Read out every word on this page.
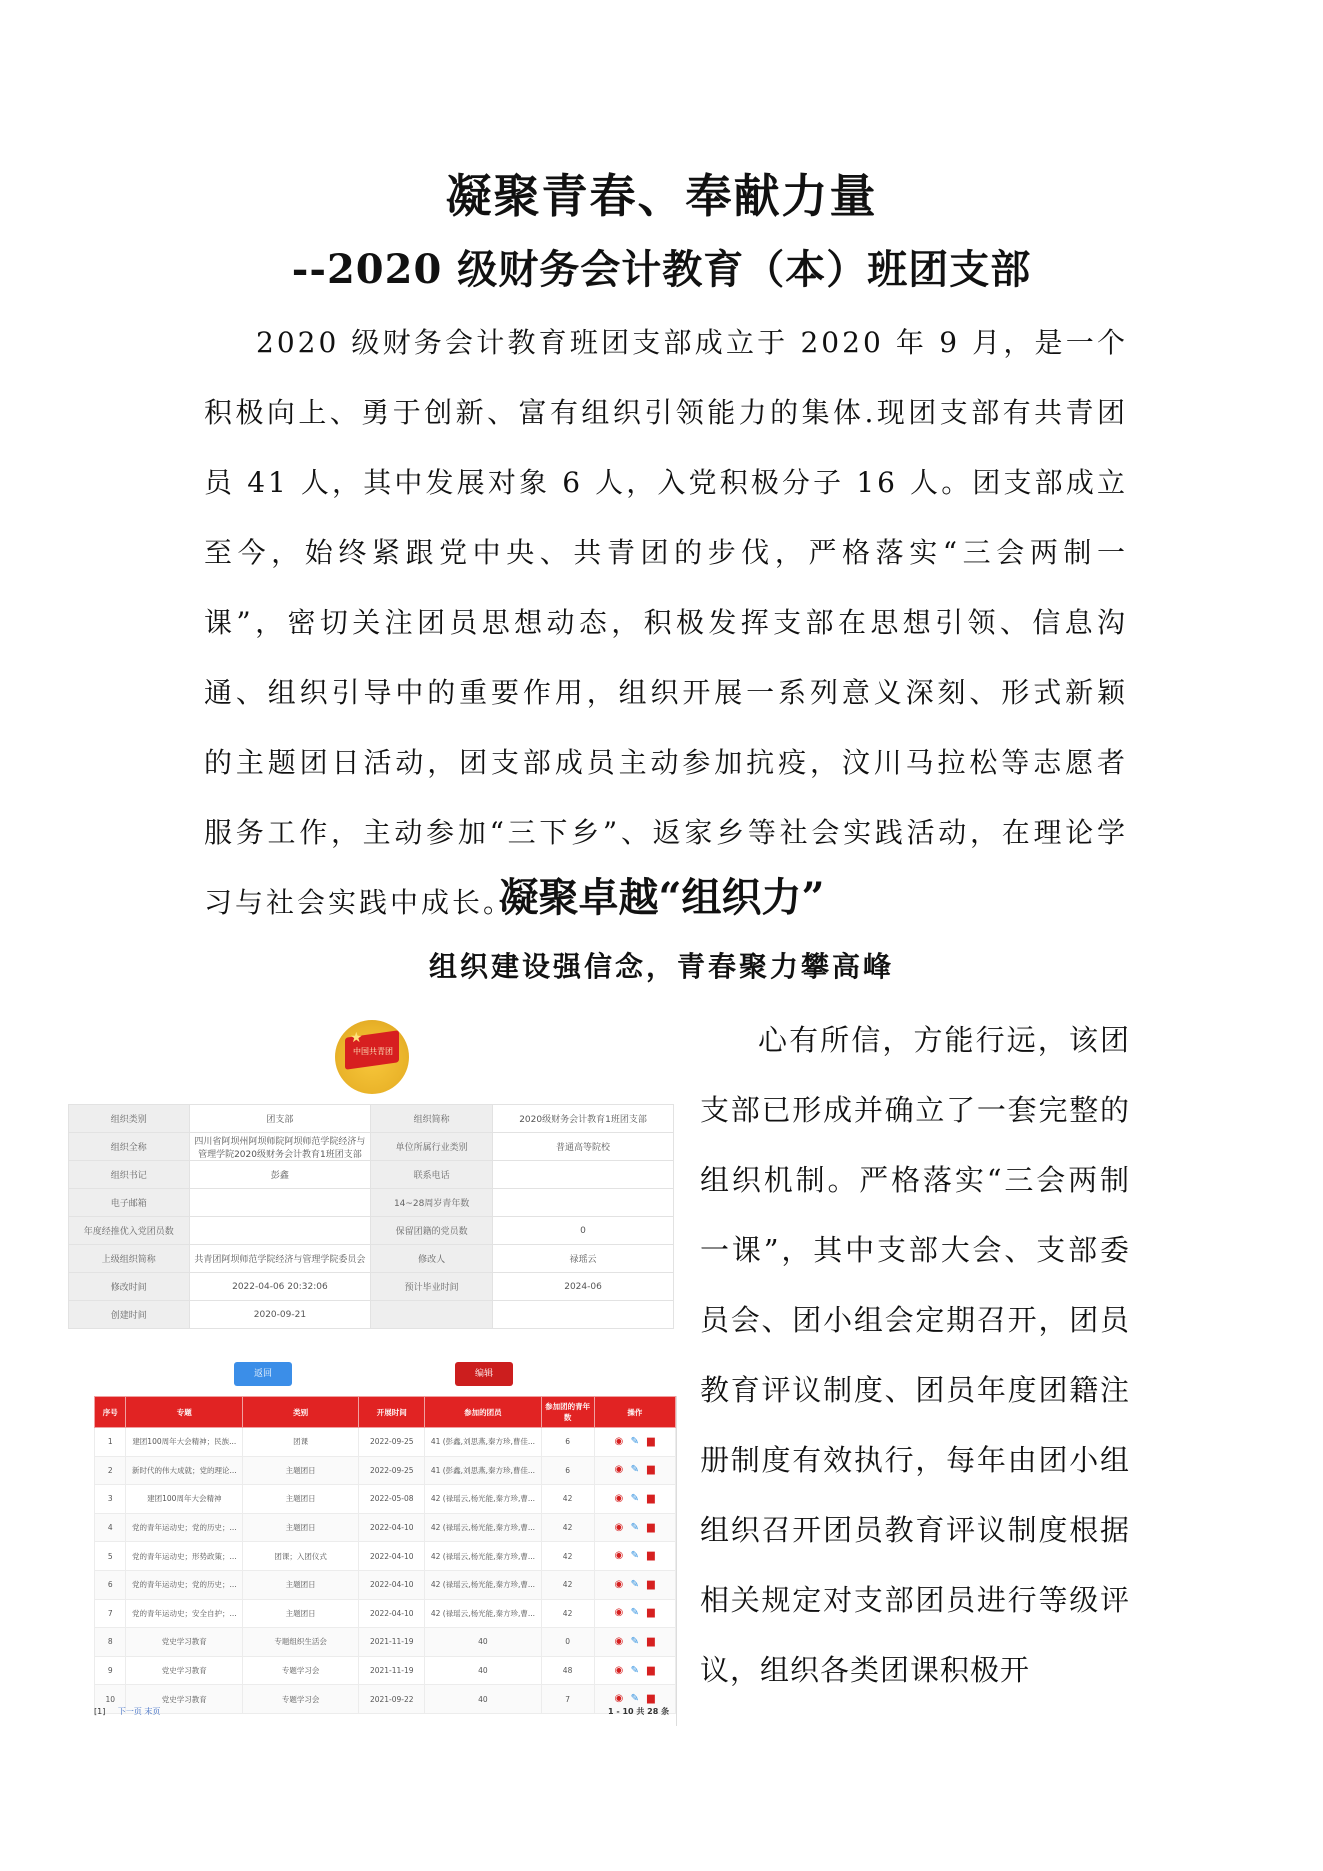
凝聚青春、奉献力量
--2020 级财务会计教育（本）班团支部
2020 级财务会计教育班团支部成立于 2020 年 9 月，是一个积极向上、勇于创新、富有组织引领能力的集体.现团支部有共青团员 41 人，其中发展对象 6 人，入党积极分子 16 人。团支部成立至今，始终紧跟党中央、共青团的步伐，严格落实“三会两制一课”，密切关注团员思想动态，积极发挥支部在思想引领、信息沟通、组织引导中的重要作用，组织开展一系列意义深刻、形式新颖的主题团日活动，团支部成员主动参加抗疫，汶川马拉松等志愿者服务工作，主动参加“三下乡”、返家乡等社会实践活动，在理论学习与社会实践中成长。
凝聚卓越“组织力”
组织建设强信念，青春聚力攀高峰
★
中国共青团
组织类别	团支部	组织简称	2020级财务会计教育1班团支部
组织全称	四川省阿坝州阿坝师院阿坝师范学院经济与管理学院2020级财务会计教育1班团支部	单位所属行业类别	普通高等院校
组织书记	彭鑫	联系电话	
电子邮箱		14~28周岁青年数	
年度经推优入党团员数		保留团籍的党员数	0
上级组织简称	共青团阿坝师范学院经济与管理学院委员会	修改人	禄瑶云
修改时间	2022-04-06 20:32:06	预计毕业时间	2024-06
创建时间	2020-09-21		
返回	编辑
序号	专题	类别	开展时间	参加的团员	参加团的青年数	操作
1	建团100周年大会精神；民族...	团课	2022-09-25	41 (彭鑫,刘思燕,秦方珍,曹佳...	6	◉ ✎ ▆

2	新时代的伟大成就；党的理论...	主题团日	2022-09-25	41 (彭鑫,刘思燕,秦方珍,曹佳...	6	◉ ✎ ▆

3	建团100周年大会精神	主题团日	2022-05-08	42 (禄瑶云,杨光能,秦方珍,曹...	42	◉ ✎ ▆

4	党的青年运动史；党的历史；...	主题团日	2022-04-10	42 (禄瑶云,杨光能,秦方珍,曹...	42	◉ ✎ ▆

5	党的青年运动史；形势政策；...	团课；入团仪式	2022-04-10	42 (禄瑶云,杨光能,秦方珍,曹...	42	◉ ✎ ▆

6	党的青年运动史；党的历史；...	主题团日	2022-04-10	42 (禄瑶云,杨光能,秦方珍,曹...	42	◉ ✎ ▆

7	党的青年运动史；安全自护；...	主题团日	2022-04-10	42 (禄瑶云,杨光能,秦方珍,曹...	42	◉ ✎ ▆

8	党史学习教育	专题组织生活会	2021-11-19	40	0	◉ ✎ ▆

9	党史学习教育	专题学习会	2021-11-19	40	48	◉ ✎ ▆

10	党史学习教育	专题学习会	2021-09-22	40	7	◉ ✎ ▆
[1] 下一页 末页	1 - 10 共 28 条
心有所信，方能行远，该团支部已形成并确立了一套完整的组织机制。严格落实“三会两制一课”，其中支部大会、支部委员会、团小组会定期召开，团员教育评议制度、团员年度团籍注册制度有效执行，每年由团小组组织召开团员教育评议制度根据相关规定对支部团员进行等级评议，组织各类团课积极开
